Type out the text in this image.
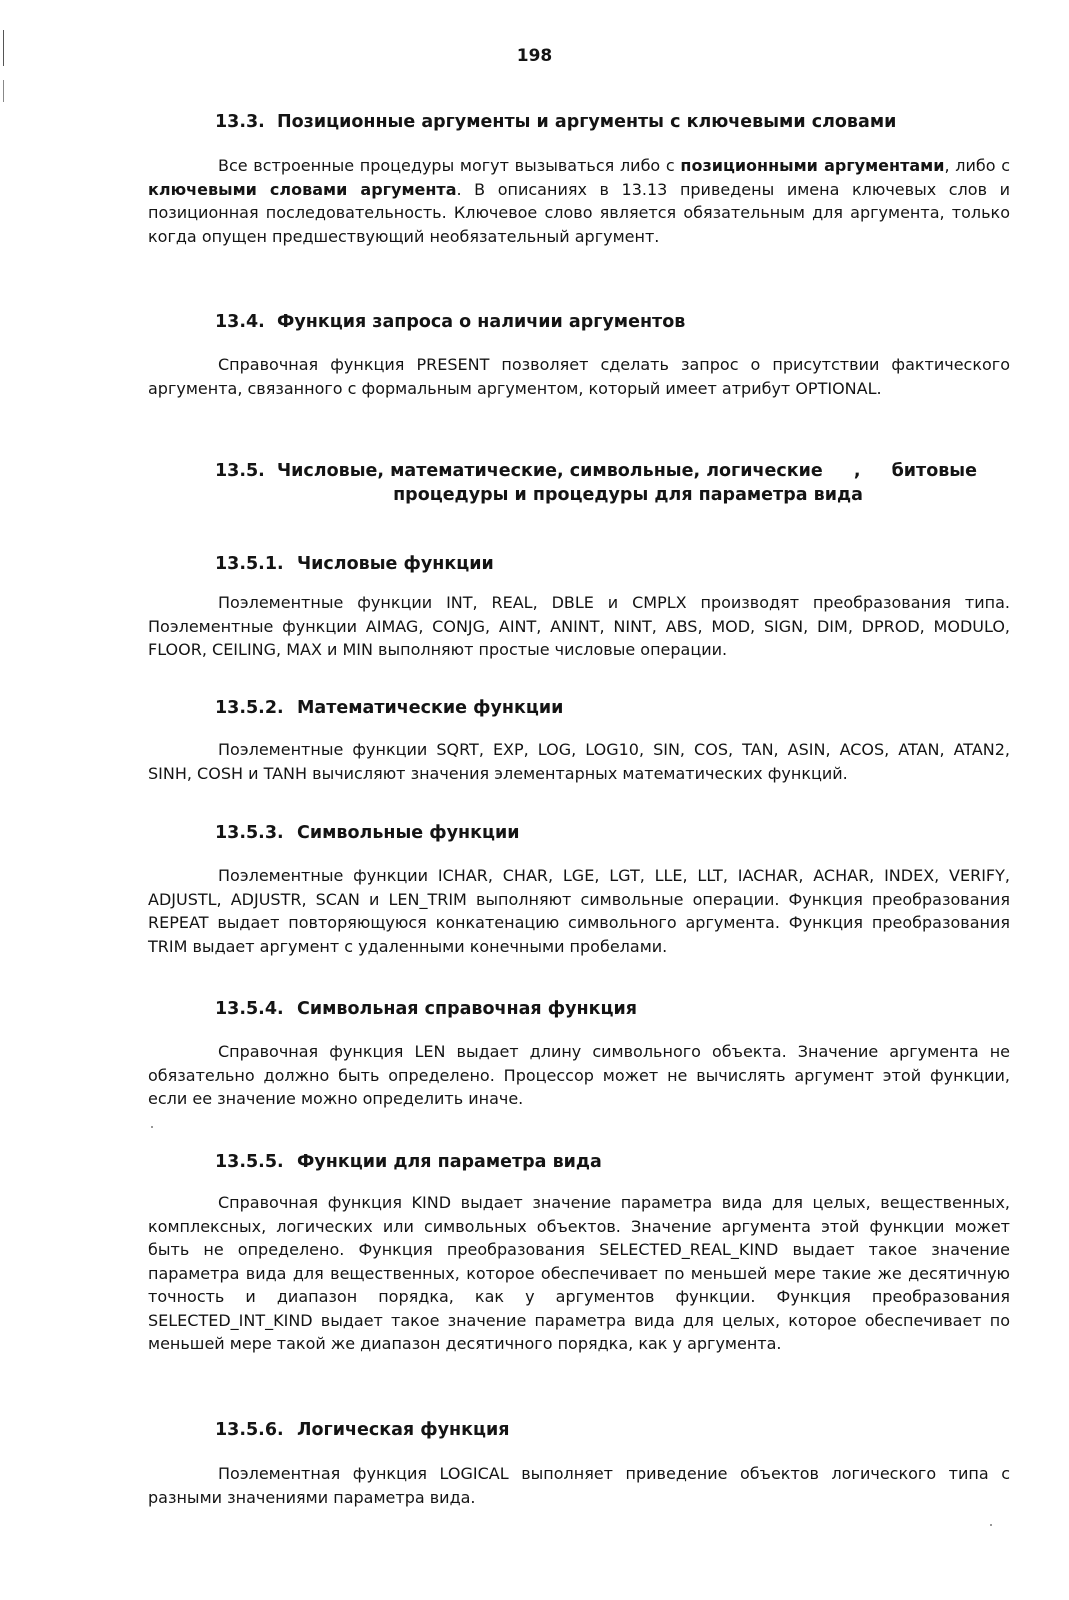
198
13.3. Позиционные аргументы и аргументы с ключевыми словами

Все встроенные процедуры могут вызываться либо с позиционными аргументами, либо с ключевыми словами аргумента. В описаниях в 13.13 приведены имена ключевых слов и позиционная последовательность. Ключевое слово является обязательным для аргумента, только когда опущен предшествующий необязательный аргумент.

13.4. Функция запроса о наличии аргументов

Справочная функция PRESENT позволяет сделать запрос о присутствии фактического аргумента, связанного с формальным аргументом, который имеет атрибут OPTIONAL.

13.5. Числовые, математические, символьные, логические , битовые
процедуры и процедуры для параметра вида
13.5.1. Числовые функции

Поэлементные функции INT, REAL, DBLE и CMPLX производят преобразования типа. Поэлементные функции AIMAG, CONJG, AINT, ANINT, NINT, ABS, MOD, SIGN, DIM, DPROD, MODULO, FLOOR, CEILING, MAX и MIN выполняют простые числовые операции.

13.5.2. Математические функции

Поэлементные функции SQRT, EXP, LOG, LOG10, SIN, COS, TAN, ASIN, ACOS, ATAN, ATAN2, SINH, COSH и TANH вычисляют значения элементарных математических функций.

13.5.3. Символьные функции

Поэлементные функции ICHAR, CHAR, LGE, LGT, LLE, LLT, IACHAR, ACHAR, INDEX, VERIFY, ADJUSTL, ADJUSTR, SCAN и LEN_TRIM выполняют символьные операции. Функция преобразования REPEAT выдает повторяющуюся конкатенацию символьного аргумента. Функция преобразования TRIM выдает аргумент с удаленными конечными пробелами.

13.5.4. Символьная справочная функция

Справочная функция LEN выдает длину символьного объекта. Значение аргумента не обязательно должно быть определено. Процессор может не вычислять аргумент этой функции, если ее значение можно определить иначе.

13.5.5. Функции для параметра вида

Справочная функция KIND выдает значение параметра вида для целых, вещественных, комплексных, логических или символьных объектов. Значение аргумента этой функции может быть не определено. Функция преобразования SELECTED_REAL_KIND выдает такое значение параметра вида для вещественных, которое обеспечивает по меньшей мере такие же десятичную точность и диапазон порядка, как у аргументов функции. Функция преобразования SELECTED_INT_KIND выдает такое значение параметра вида для целых, которое обеспечивает по меньшей мере такой же диапазон десятичного порядка, как у аргумента.

13.5.6. Логическая функция

Поэлементная функция LOGICAL выполняет приведение объектов логического типа с разными значениями параметра вида.
